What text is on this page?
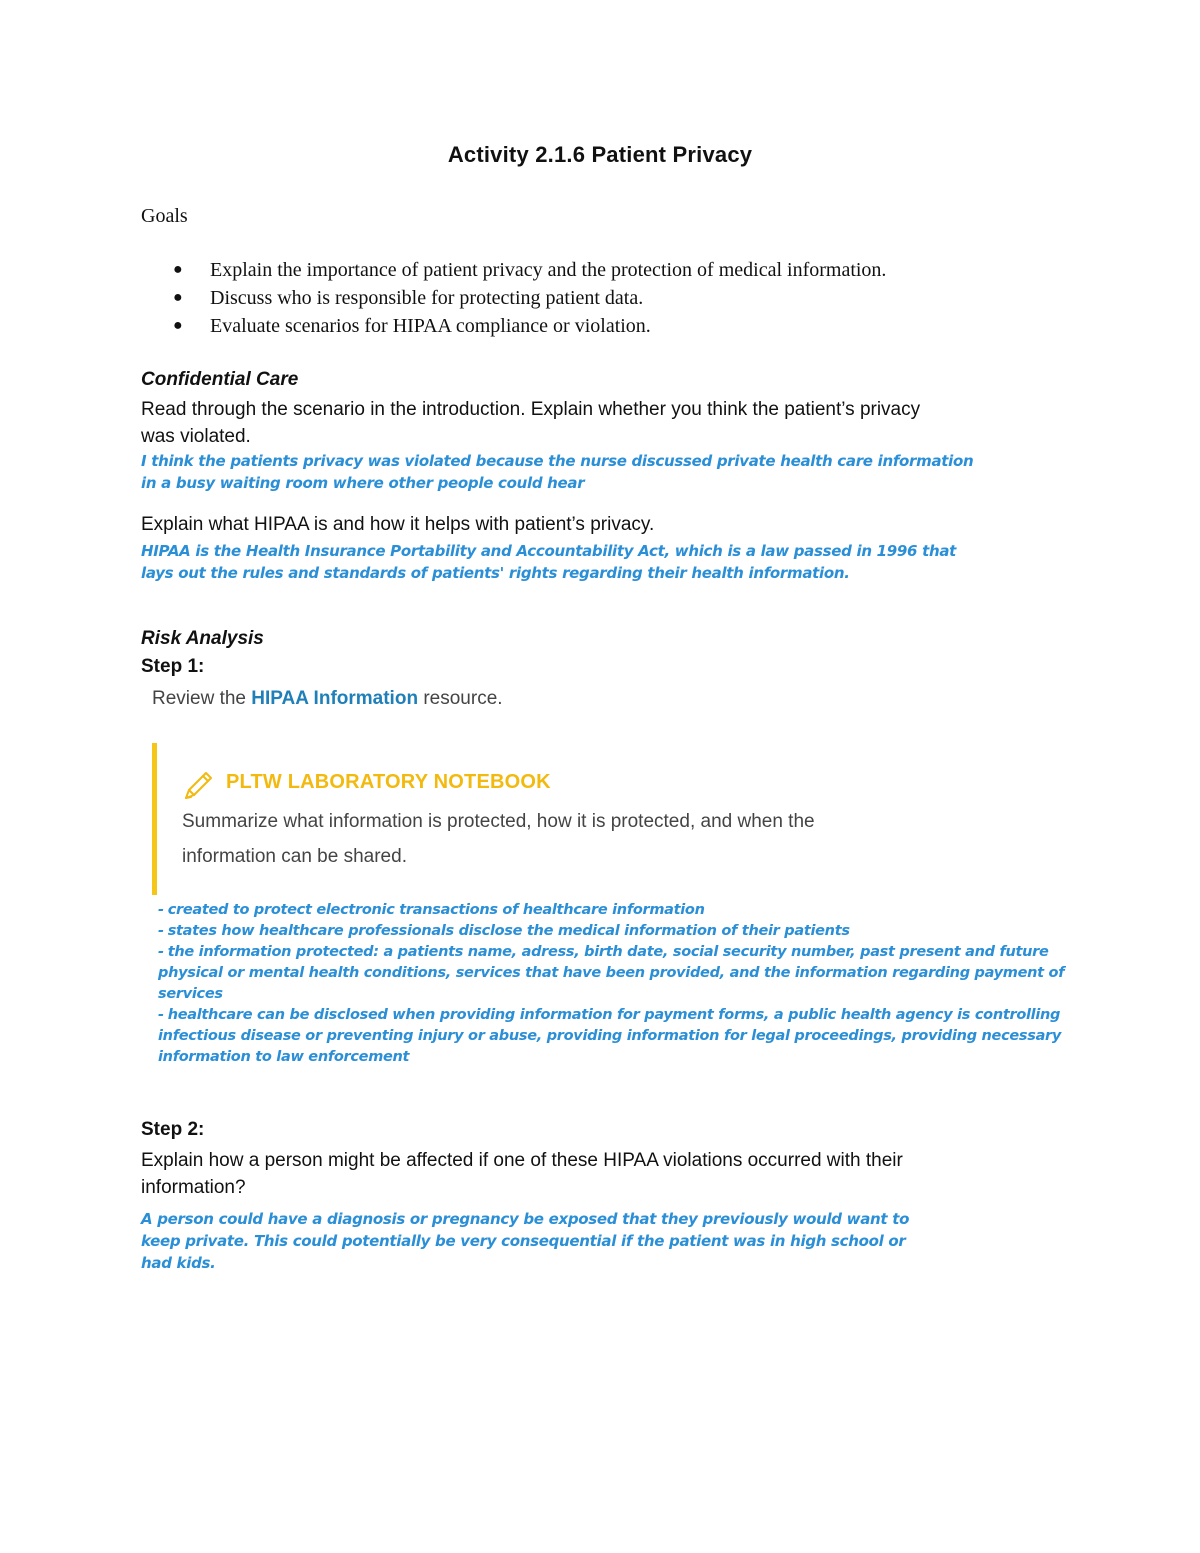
Activity 2.1.6 Patient Privacy
Goals
● Explain the importance of patient privacy and the protection of medical information.
● Discuss who is responsible for protecting patient data.
● Evaluate scenarios for HIPAA compliance or violation.
Confidential Care
Read through the scenario in the introduction. Explain whether you think the patient’s privacy
was violated.
I think the patients privacy was violated because the nurse discussed private health care information
in a busy waiting room where other people could hear
Explain what HIPAA is and how it helps with patient’s privacy.
HIPAA is the Health Insurance Portability and Accountability Act, which is a law passed in 1996 that
lays out the rules and standards of patients' rights regarding their health information.
Risk Analysis
Step 1:
Review the HIPAA Information resource.
PLTW LABORATORY NOTEBOOK
Summarize what information is protected, how it is protected, and when the
information can be shared.
- created to protect electronic transactions of healthcare information
- states how healthcare professionals disclose the medical information of their patients
- the information protected: a patients name, adress, birth date, social security number, past present and future physical or mental health conditions, services that have been provided, and the information regarding payment of services
- healthcare can be disclosed when providing information for payment forms, a public health agency is controlling infectious disease or preventing injury or abuse, providing information for legal proceedings, providing necessary information to law enforcement
Step 2:
Explain how a person might be affected if one of these HIPAA violations occurred with their
information?
A person could have a diagnosis or pregnancy be exposed that they previously would want to
keep private. This could potentially be very consequential if the patient was in high school or
had kids.
